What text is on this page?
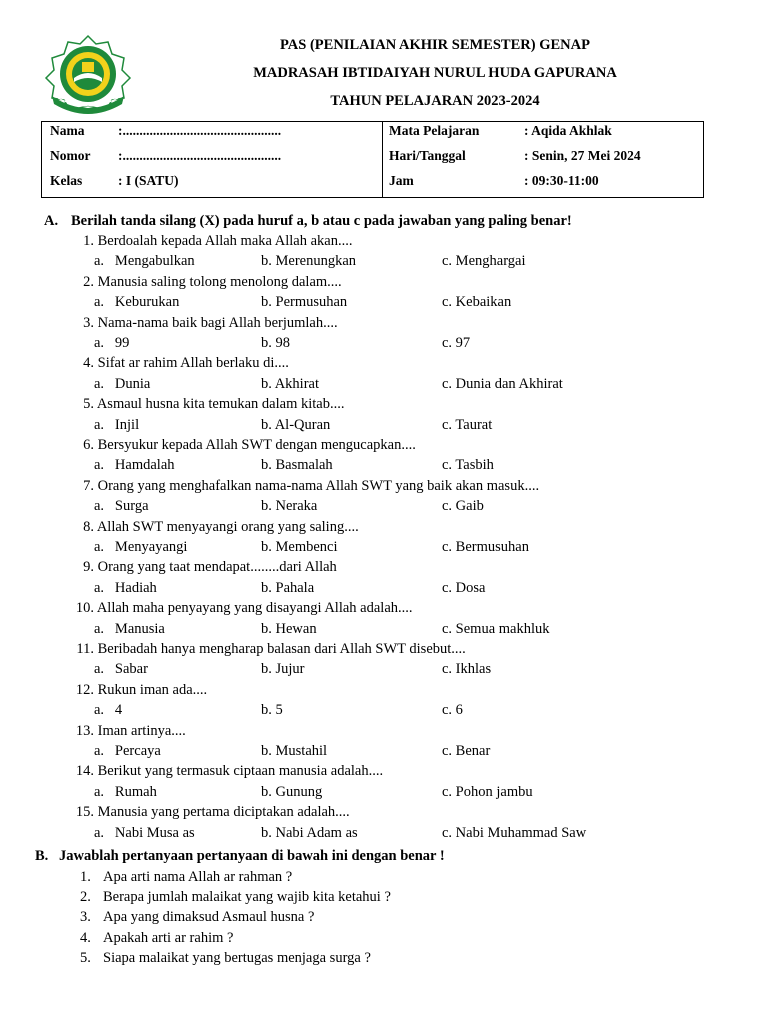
PAS (PENILAIAN AKHIR SEMESTER) GENAP
MADRASAH IBTIDAIYAH NURUL HUDA GAPURANA
TAHUN PELAJARAN 2023-2024
Nama :...............................................
Nomor :...............................................
Kelas	: I (SATU)
Mata Pelajaran	: Aqida Akhlak
Hari/Tanggal	: Senin, 27 Mei 2024
Jam	: 09:30-11:00
A. Berilah tanda silang (X) pada huruf a, b atau c pada jawaban yang paling benar!
1. Berdoalah kepada Allah maka Allah akan....
a.   Mengabulkan	b. Merenungkan	c. Menghargai
2. Manusia saling tolong menolong dalam....
a.   Keburukan	b. Permusuhan	c. Kebaikan
3. Nama-nama baik bagi Allah berjumlah....
a.   99	b. 98	c. 97
4. Sifat ar rahim Allah berlaku di....
a.   Dunia	b. Akhirat	c. Dunia dan Akhirat
5. Asmaul husna kita temukan dalam kitab....
a.   Injil	b. Al-Quran	c. Taurat
6. Bersyukur kepada Allah SWT dengan mengucapkan....
a.   Hamdalah	b. Basmalah	c. Tasbih
7. Orang yang menghafalkan nama-nama Allah SWT yang baik akan masuk....
a.   Surga	b. Neraka	c. Gaib
8. Allah SWT menyayangi orang yang saling....
a.   Menyayangi	b. Membenci	c. Bermusuhan
9. Orang yang taat mendapat........dari Allah
a.   Hadiah	b. Pahala	c. Dosa
10. Allah maha penyayang yang disayangi Allah adalah....
a.   Manusia	b. Hewan	c. Semua makhluk
11. Beribadah hanya mengharap balasan dari Allah SWT disebut....
a.   Sabar	b. Jujur	c. Ikhlas
12. Rukun iman ada....
a.   4	b. 5	c. 6
13. Iman artinya....
a.   Percaya	b. Mustahil	c. Benar
14. Berikut yang termasuk ciptaan manusia adalah....
a.   Rumah	b. Gunung	c. Pohon jambu
15. Manusia yang pertama diciptakan adalah....
a.   Nabi Musa as	b. Nabi Adam as	c. Nabi Muhammad Saw
B. Jawablah pertanyaan pertanyaan di bawah ini dengan benar !
1. Apa arti nama Allah ar rahman ?
2. Berapa jumlah malaikat yang wajib kita ketahui ?
3. Apa yang dimaksud Asmaul husna ?
4. Apakah arti ar rahim ?
5. Siapa malaikat yang bertugas menjaga surga ?
